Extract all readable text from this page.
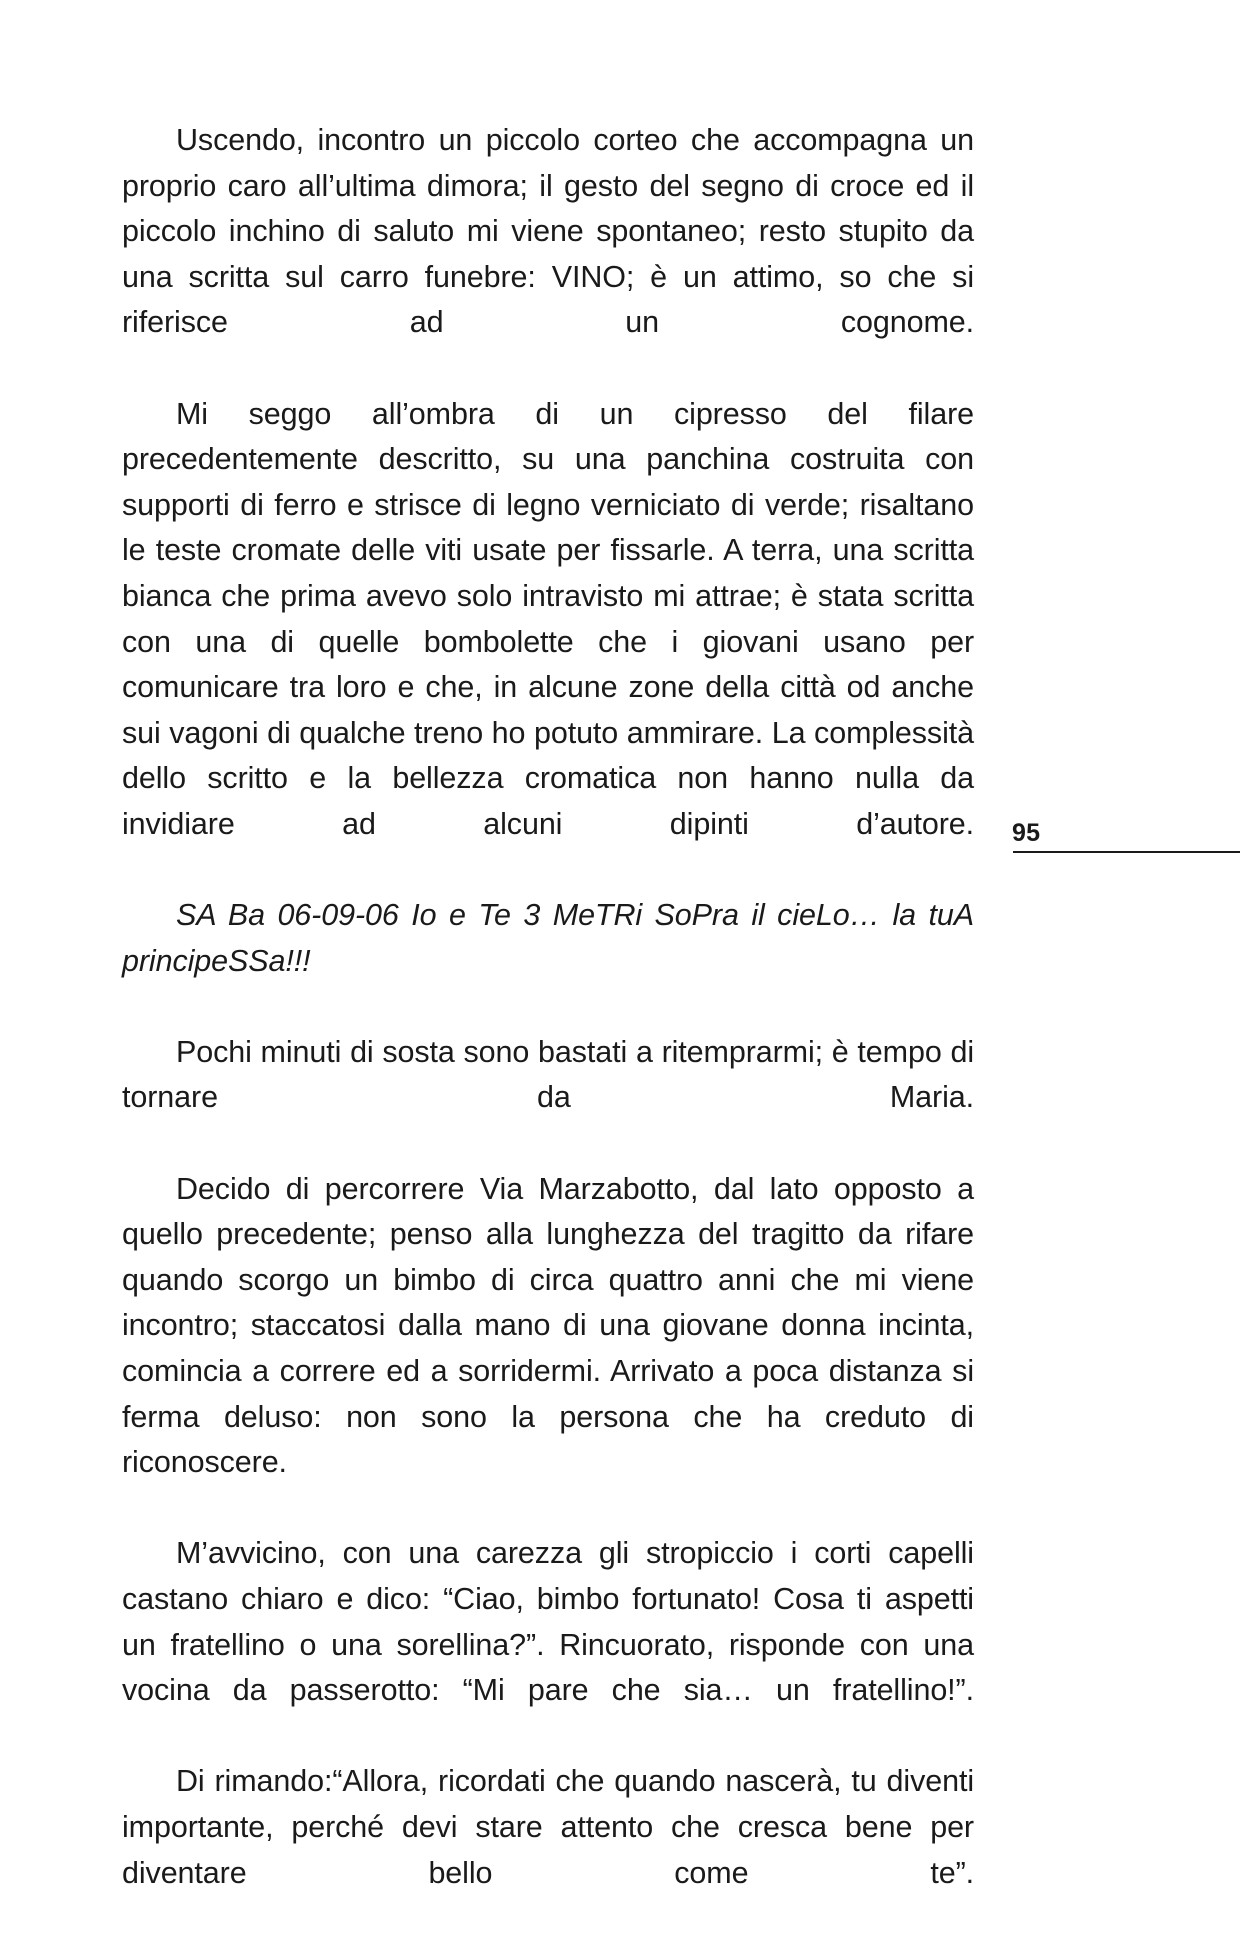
Uscendo, incontro un piccolo corteo che accompagna un proprio caro all’ultima dimora; il gesto del segno di croce ed il piccolo inchino di saluto mi viene spontaneo; resto stupito da una scritta sul carro funebre: VINO; è un attimo, so che si riferisce ad un cognome.

Mi seggo all’ombra di un cipresso del filare precedentemente descritto, su una panchina costruita con supporti di ferro e strisce di legno verniciato di verde; risaltano le teste cromate delle viti usate per fissarle. A terra, una scritta bianca che prima avevo solo intravisto mi attrae; è stata scritta con una di quelle bombolette che i giovani usano per comunicare tra loro e che, in alcune zone della città od anche sui vagoni di qualche treno ho potuto ammirare. La complessità dello scritto e la bellezza cromatica non hanno nulla da invidiare ad alcuni dipinti d’autore.

SA Ba 06-09-06 Io e Te 3 MeTRi SoPra il cieLo… la tuA principeSSa!!!

Pochi minuti di sosta sono bastati a ritemprarmi; è tempo di tornare da Maria.

Decido di percorrere Via Marzabotto, dal lato opposto a quello precedente; penso alla lunghezza del tragitto da rifare quando scorgo un bimbo di circa quattro anni che mi viene incontro; staccatosi dalla mano di una giovane donna incinta, comincia a correre ed a sorridermi. Arrivato a poca distanza si ferma deluso: non sono la persona che ha creduto di riconoscere.

M’avvicino, con una carezza gli stropiccio i corti capelli castano chiaro e dico: “Ciao, bimbo fortunato! Cosa ti aspetti un fratellino o una sorellina?”. Rincuorato, risponde con una vocina da passerotto: “Mi pare che sia… un fratellino!”.

Di rimando:“Allora, ricordati che quando nascerà, tu diventi importante, perché devi stare attento che cresca bene per diventare bello come te”.

95
